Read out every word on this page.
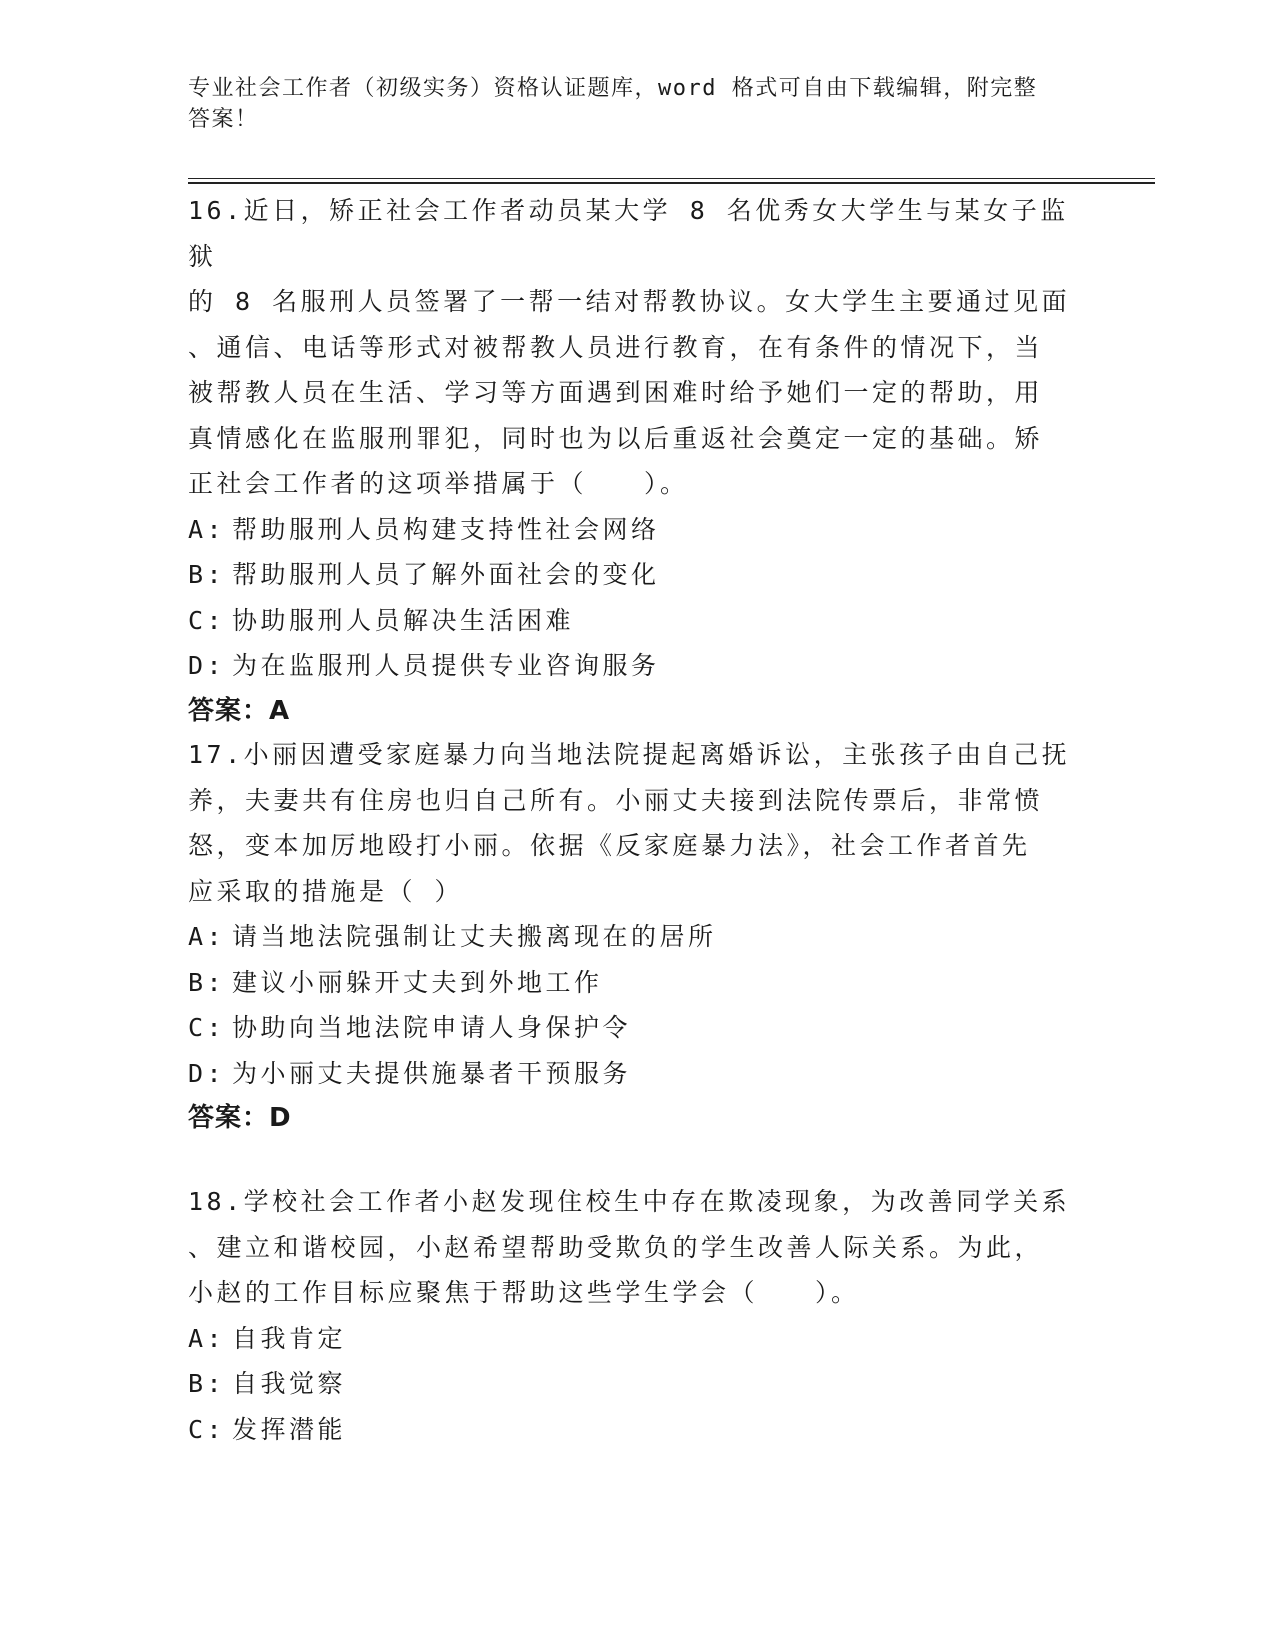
专业社会工作者（初级实务）资格认证题库，word 格式可自由下载编辑，附完整
答案！

16.近日，矫正社会工作者动员某大学 8 名优秀女大学生与某女子监狱

的 8 名服刑人员签署了一帮一结对帮教协议。女大学生主要通过见面

、通信、电话等形式对被帮教人员进行教育，在有条件的情况下，当

被帮教人员在生活、学习等方面遇到困难时给予她们一定的帮助，用

真情感化在监服刑罪犯，同时也为以后重返社会奠定一定的基础。矫

正社会工作者的这项举措属于（　　）。

A: 帮助服刑人员构建支持性社会网络

B: 帮助服刑人员了解外面社会的变化

C: 协助服刑人员解决生活困难

D: 为在监服刑人员提供专业咨询服务

答案：A

17.小丽因遭受家庭暴力向当地法院提起离婚诉讼，主张孩子由自己抚

养，夫妻共有住房也归自己所有。小丽丈夫接到法院传票后，非常愤

怒，变本加厉地殴打小丽。依据《反家庭暴力法》，社会工作者首先

应采取的措施是（ ）

A: 请当地法院强制让丈夫搬离现在的居所

B: 建议小丽躲开丈夫到外地工作

C: 协助向当地法院申请人身保护令

D: 为小丽丈夫提供施暴者干预服务

答案：D

18.学校社会工作者小赵发现住校生中存在欺凌现象，为改善同学关系

、建立和谐校园，小赵希望帮助受欺负的学生改善人际关系。为此，

小赵的工作目标应聚焦于帮助这些学生学会（　　）。

A: 自我肯定

B: 自我觉察

C: 发挥潜能
